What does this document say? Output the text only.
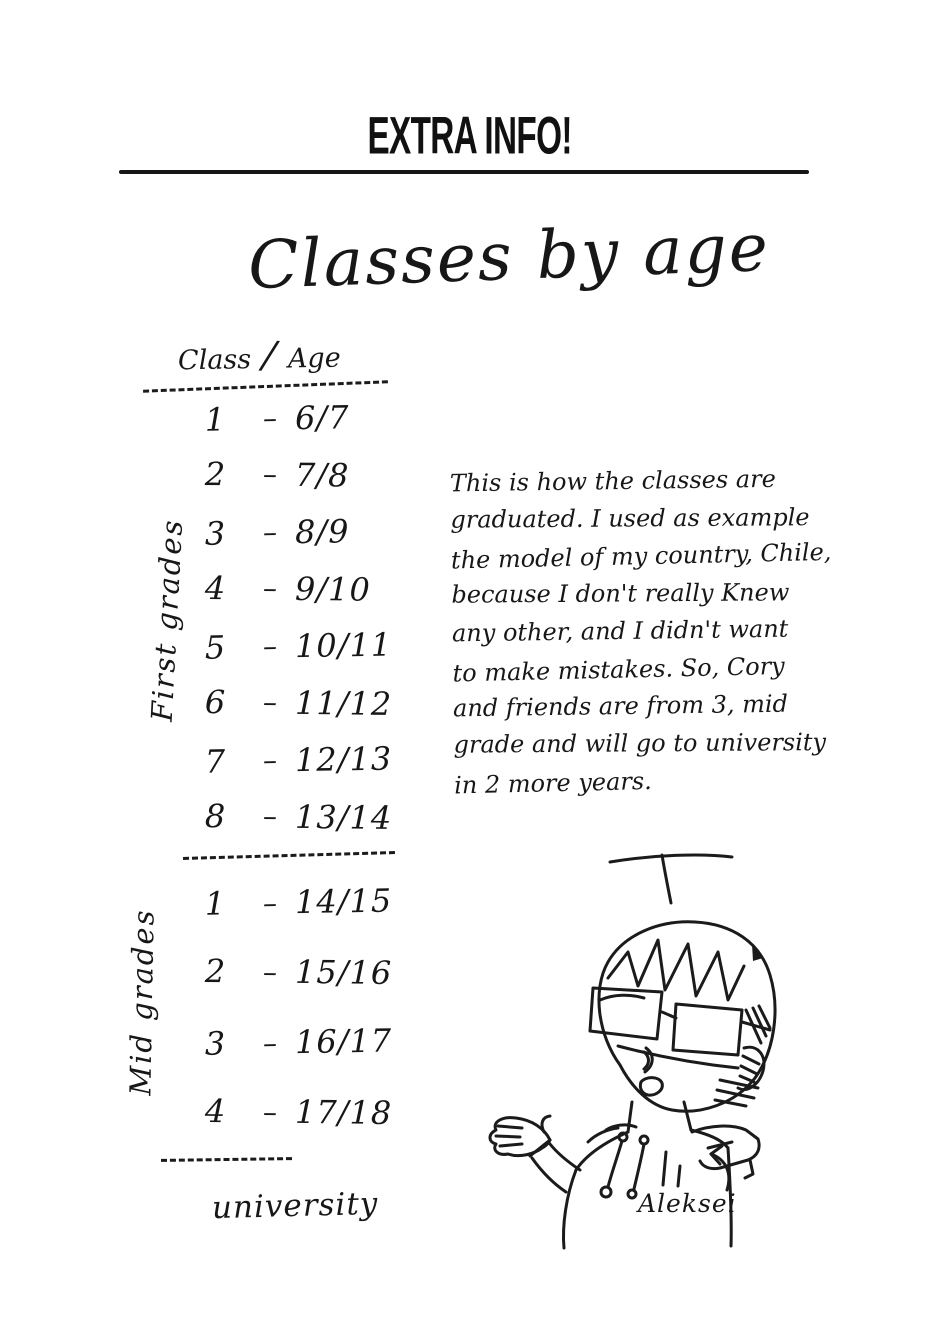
EXTRA INFO!
Classes by age
Class / Age
1	– 6/7
2	– 7/8
3	– 8/9
4	– 9/10
5	– 10/11
6	– 11/12
7	– 12/13
8	– 13/14
1	– 14/15
2	– 15/16
3	– 16/17
4	– 17/18
university
First grades
Mid grades
This is how the classes are
graduated. I used as example
the model of my country, Chile,
because I don't really Knew
any other, and I didn't want
to make mistakes. So, Cory
and friends are from 3, mid
grade and will go to university
in 2 more years.
Aleksei
